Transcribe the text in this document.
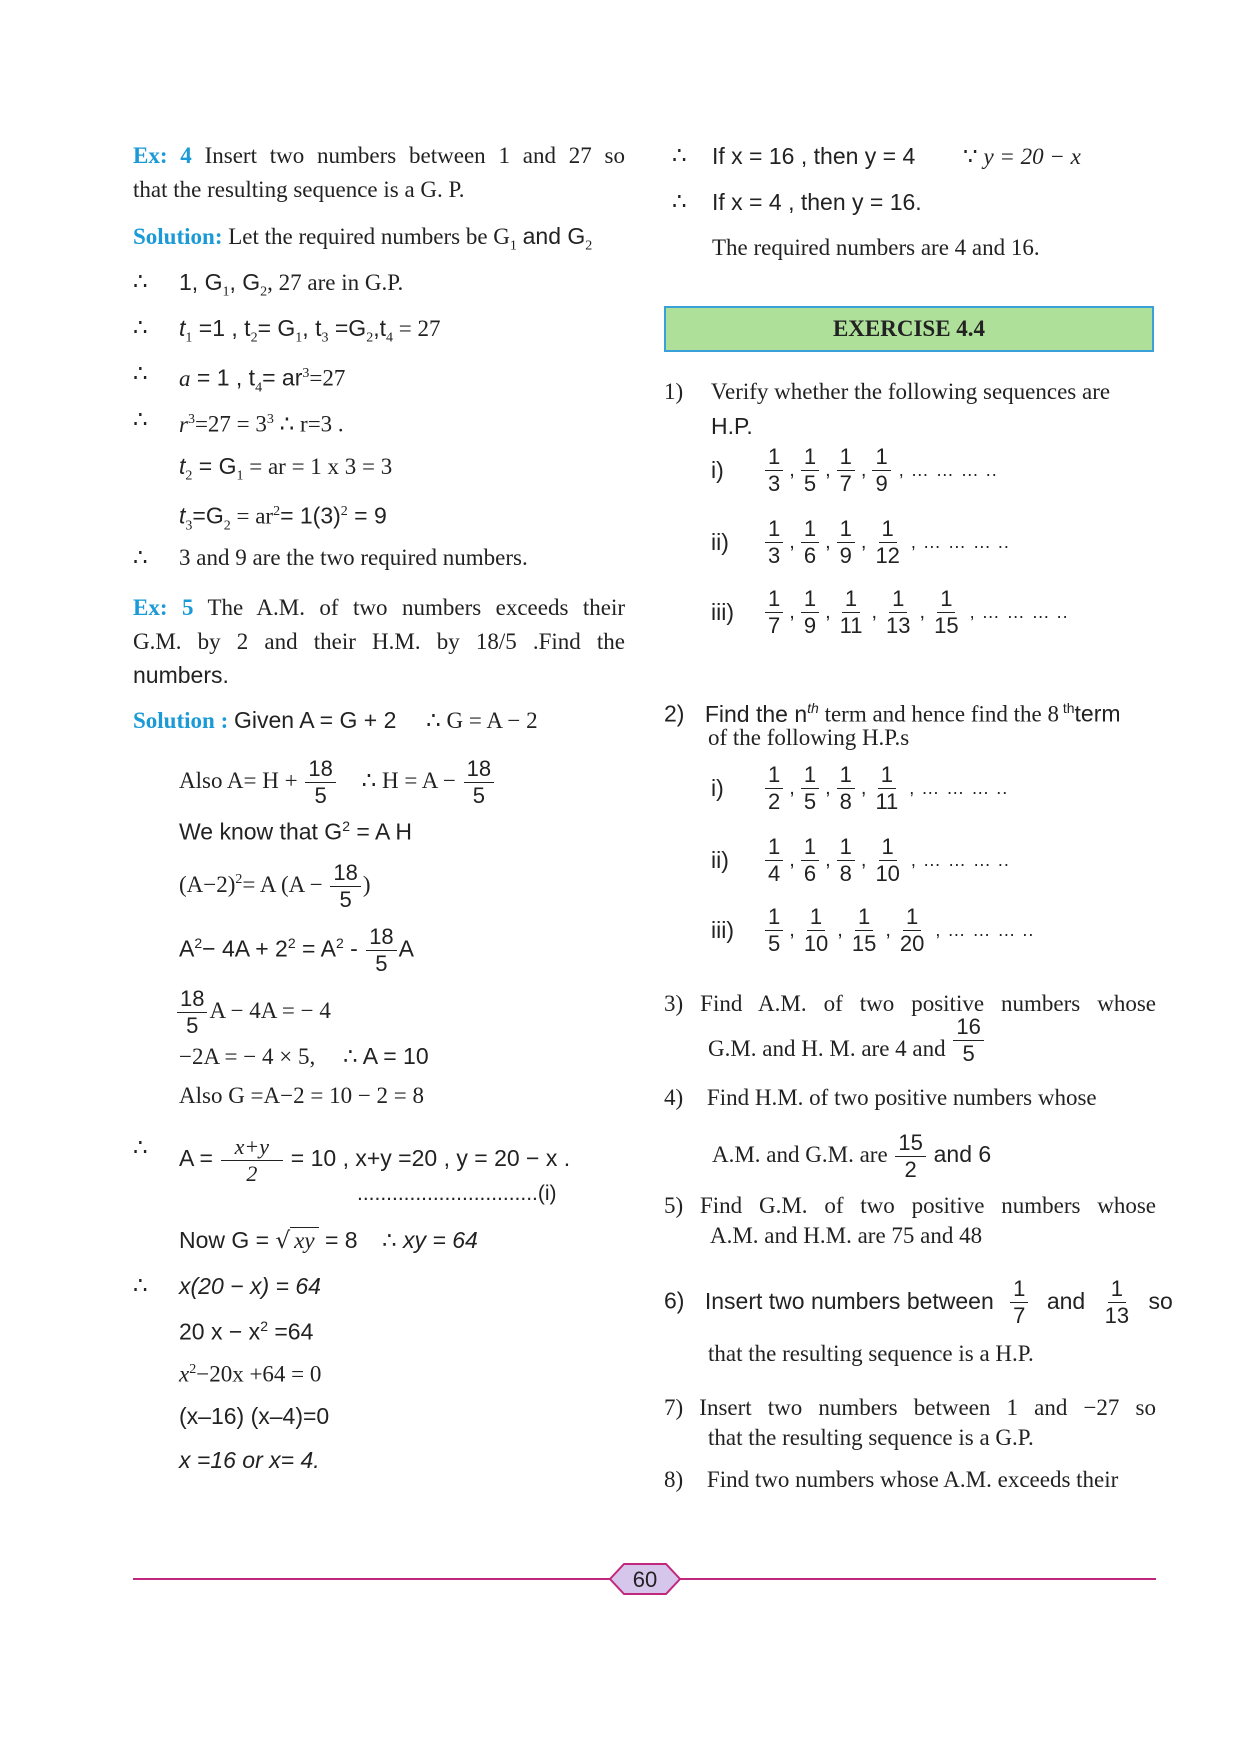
Ex: 4 Insert two numbers between 1 and 27 so
that the resulting sequence is a G. P.
Solution: Let the required numbers be $G_1$ and $G_2$
∴ 1, $G_1$, $G_2$, 27 are in G.P.
∴ $t_1 =1$ , $t_2= G_1$, $t_3 =G_2,t_4 = 27$
∴ a = 1 , $t_4= ar^3=27$
∴ $r^3=27 = 3^3$ ∴ r=3 .
$t_2 = G_1$ = ar = 1 x 3 = 3
$t_3=G_2 = ar^2= 1(3)^2 = 9$
∴ 3 and 9 are the two required numbers.
Ex: 5 The A.M. of two numbers exceeds their
G.M. by 2 and their H.M. by 18/5 .Find the
numbers.
Solution : Given A = G + 2 ∴ G = A − 2
Also $A= H + \frac{18}{5}$ ∴ $H = A - \frac{18}{5}$
We know that $G^2 = A$ H
$(A-2)^2= A$ ($A - \frac{18}{5}$ )
$A^2- 4A + 2^2 = A^2 - \frac{18}{5}$ A
$\frac{18}{5}$ A − 4A = − 4
−2A = − 4 × 5, ∴ A = 10
Also G =A−2 = 10 − 2 = 8
∴ $A = \frac{x+y}{2} = 10$ , x+y =20 , y = 20 − x .
...............................(i)
Now G = √ xy = 8 ∴ xy = 64
∴ x(20 − x) = 64
20 $x - x^2 =64$
$x^2-20x +64 = 0$
(x–16) (x–4)=0
x =16 or x= 4.
∴ If x = 16 , then y = 4 ∵ y = 20 − x
∴ If x = 4 , then y = 16.
The required numbers are 4 and 16.
EXERCISE 4.4
1) Verify whether the following sequences are
H.P.
i)	$\frac{1}{3}$ , $\frac{1}{5}$ , $\frac{1}{7}$ , $\frac{1}{9}$ , … … … ..
ii)	$\frac{1}{3}$ , $\frac{1}{6}$ , $\frac{1}{9}$ , $\frac{1}{12}$ , … … … ..
iii)	$\frac{1}{7}$ , $\frac{1}{9}$ , $\frac{1}{11}$ , $\frac{1}{13}$ , $\frac{1}{15}$ , … … … ..
2) Find the $n^{th}$ term and hence find the 8 $^{th}$term
of the following H.P.s
i)	$\frac{1}{2}$ , $\frac{1}{5}$ , $\frac{1}{8}$ , $\frac{1}{11}$ , … … … ..
ii)	$\frac{1}{4}$ , $\frac{1}{6}$ , $\frac{1}{8}$ , $\frac{1}{10}$ , … … … ..
iii)	$\frac{1}{5}$ , $\frac{1}{10}$ , $\frac{1}{15}$ , $\frac{1}{20}$ , … … … ..
3) Find A.M. of two positive numbers whose
G.M. and H. M. are 4 and $\frac{16}{5}$
4) Find H.M. of two positive numbers whose
A.M. and G.M. are $\frac{15}{2}$ and 6
5) Find G.M. of two positive numbers whose
A.M. and H.M. are 75 and 48
6) Insert two numbers between $\frac{1}{7}$ and $\frac{1}{13}$ so
that the resulting sequence is a H.P.
7) Insert two numbers between 1 and −27 so
that the resulting sequence is a G.P.
8) Find two numbers whose A.M. exceeds their
60
